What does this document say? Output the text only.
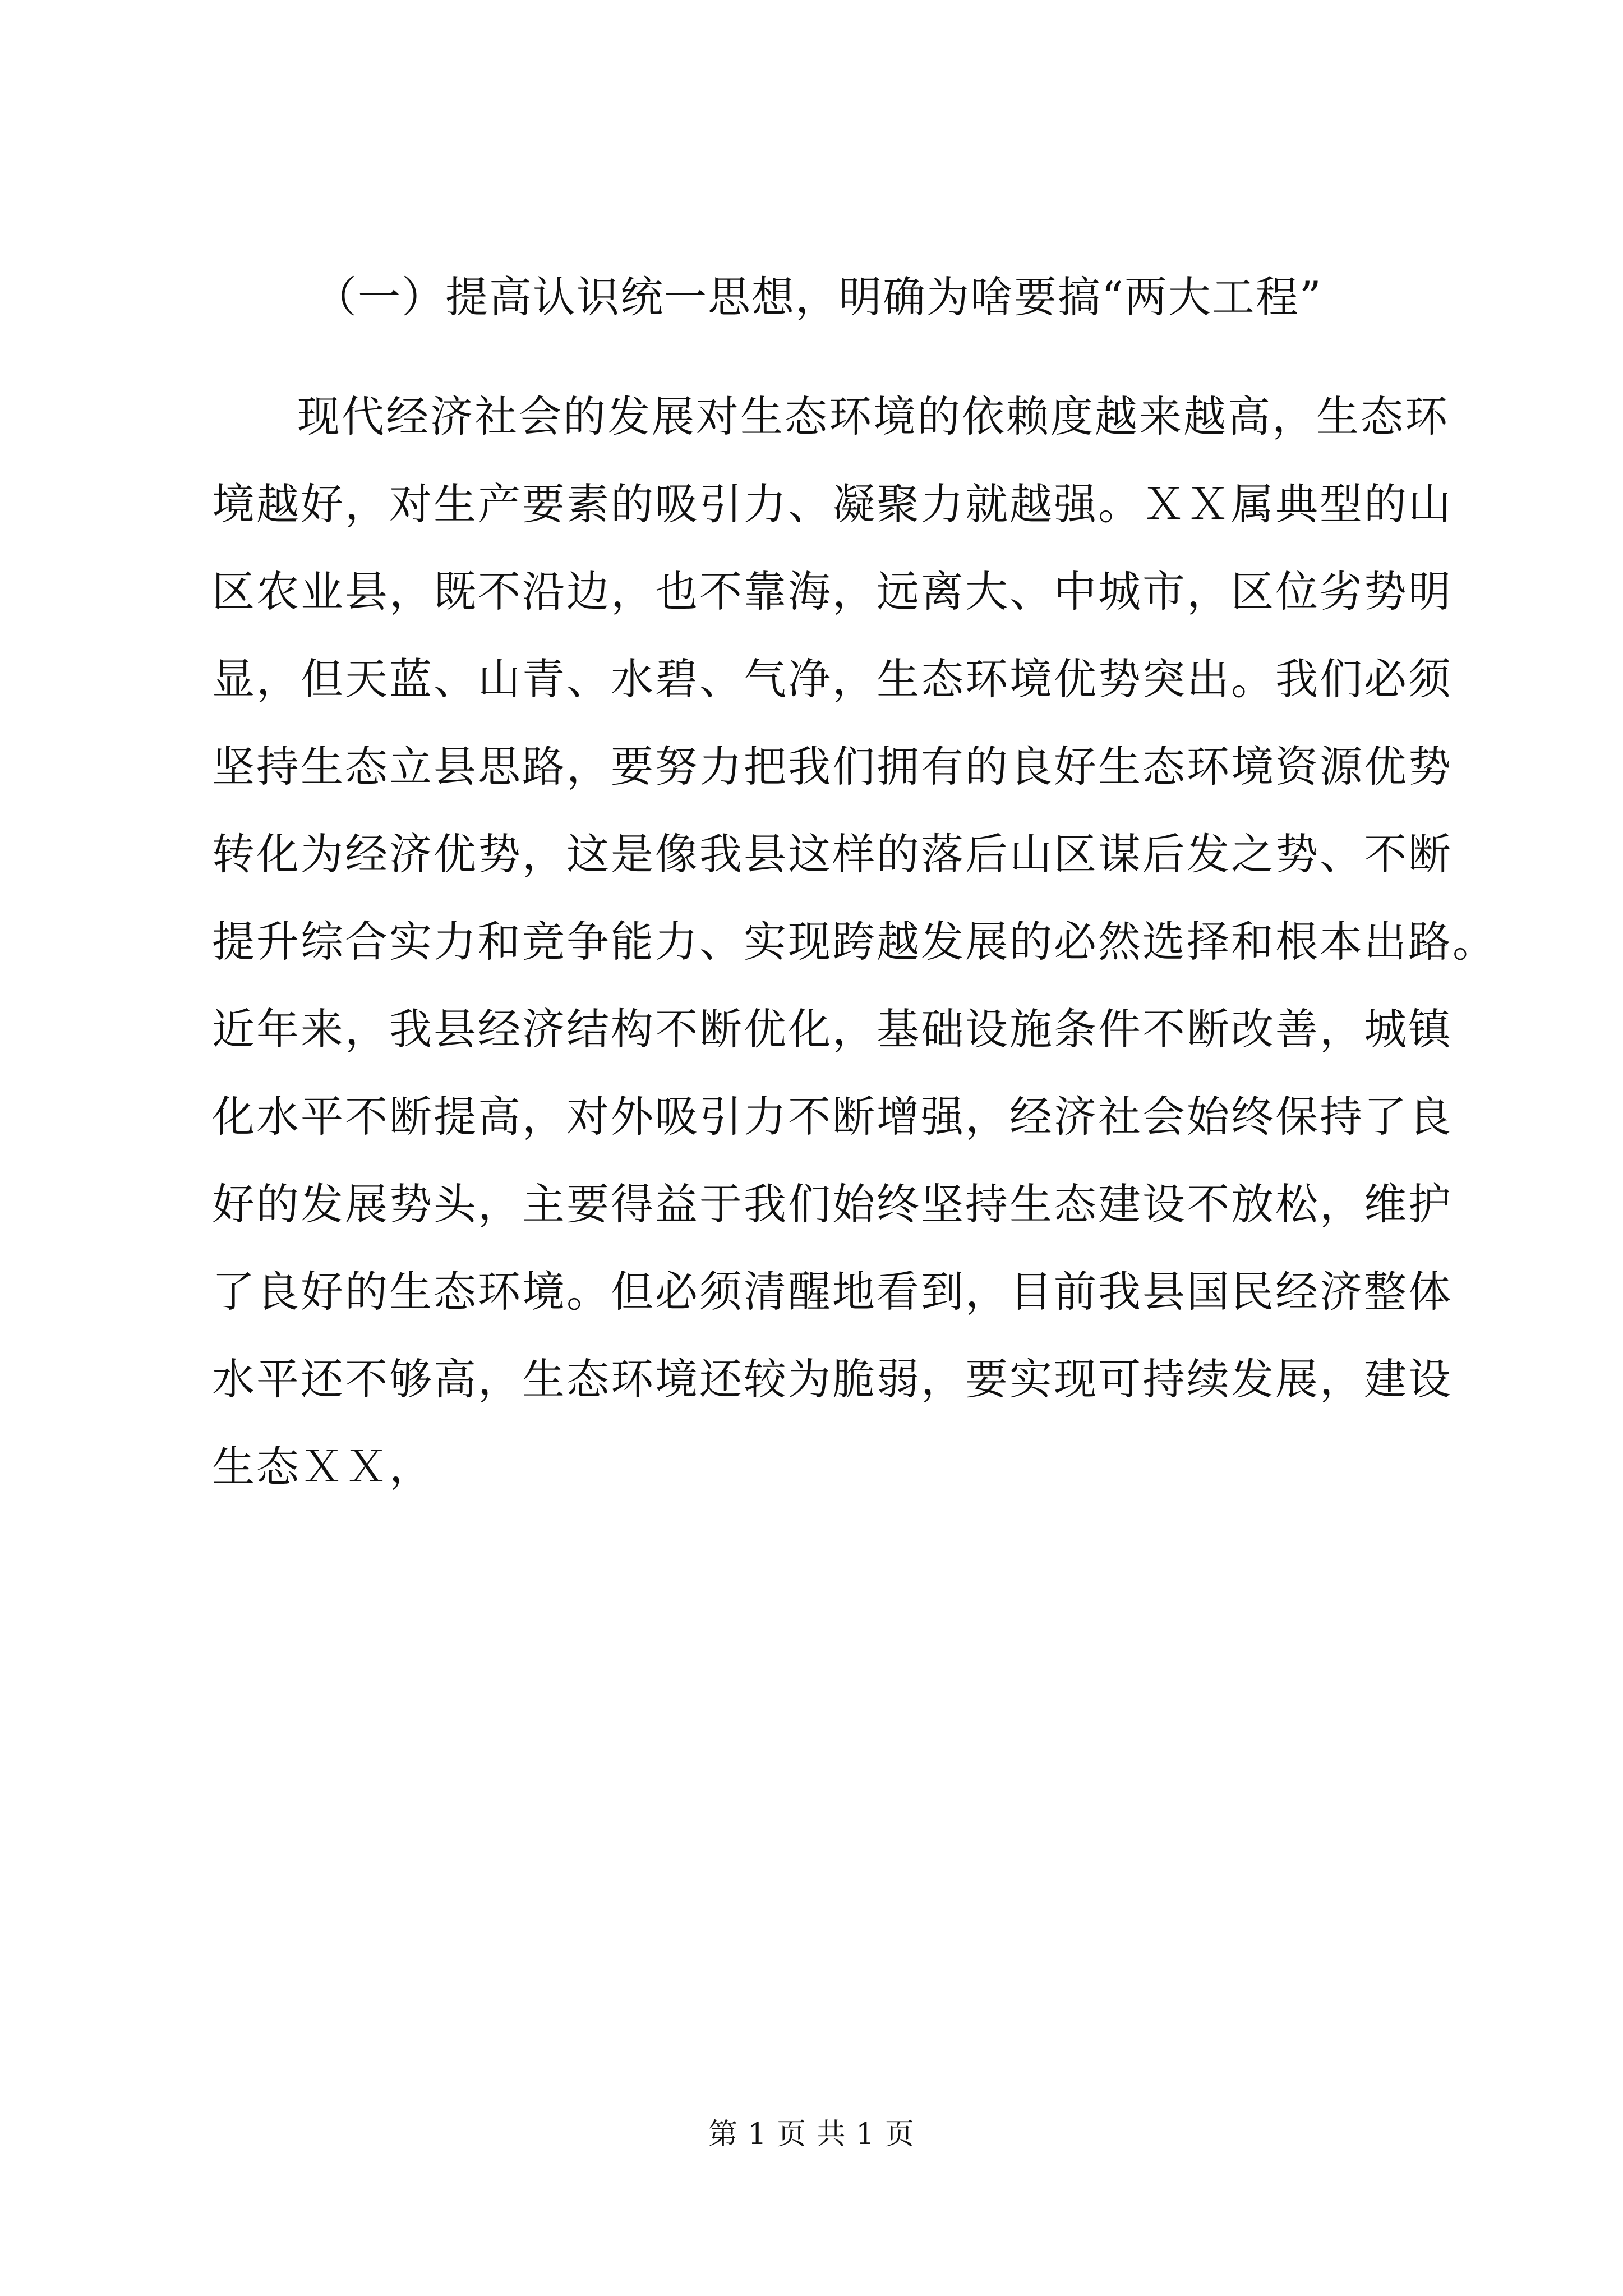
（一）提高认识统一思想，明确为啥要搞“两大工程”
现代经济社会的发展对生态环境的依赖度越来越高，生态环
境越好，对生产要素的吸引力、凝聚力就越强。ＸＸ属典型的山
区农业县，既不沿边，也不靠海，远离大、中城市，区位劣势明
显，但天蓝、山青、水碧、气净，生态环境优势突出。我们必须
坚持生态立县思路，要努力把我们拥有的良好生态环境资源优势
转化为经济优势，这是像我县这样的落后山区谋后发之势、不断
提升综合实力和竞争能力、实现跨越发展的必然选择和根本出路。
近年来，我县经济结构不断优化，基础设施条件不断改善，城镇
化水平不断提高，对外吸引力不断增强，经济社会始终保持了良
好的发展势头，主要得益于我们始终坚持生态建设不放松，维护
了良好的生态环境。但必须清醒地看到，目前我县国民经济整体
水平还不够高，生态环境还较为脆弱，要实现可持续发展，建设
生态ＸＸ，
第 1 页 共 1 页
